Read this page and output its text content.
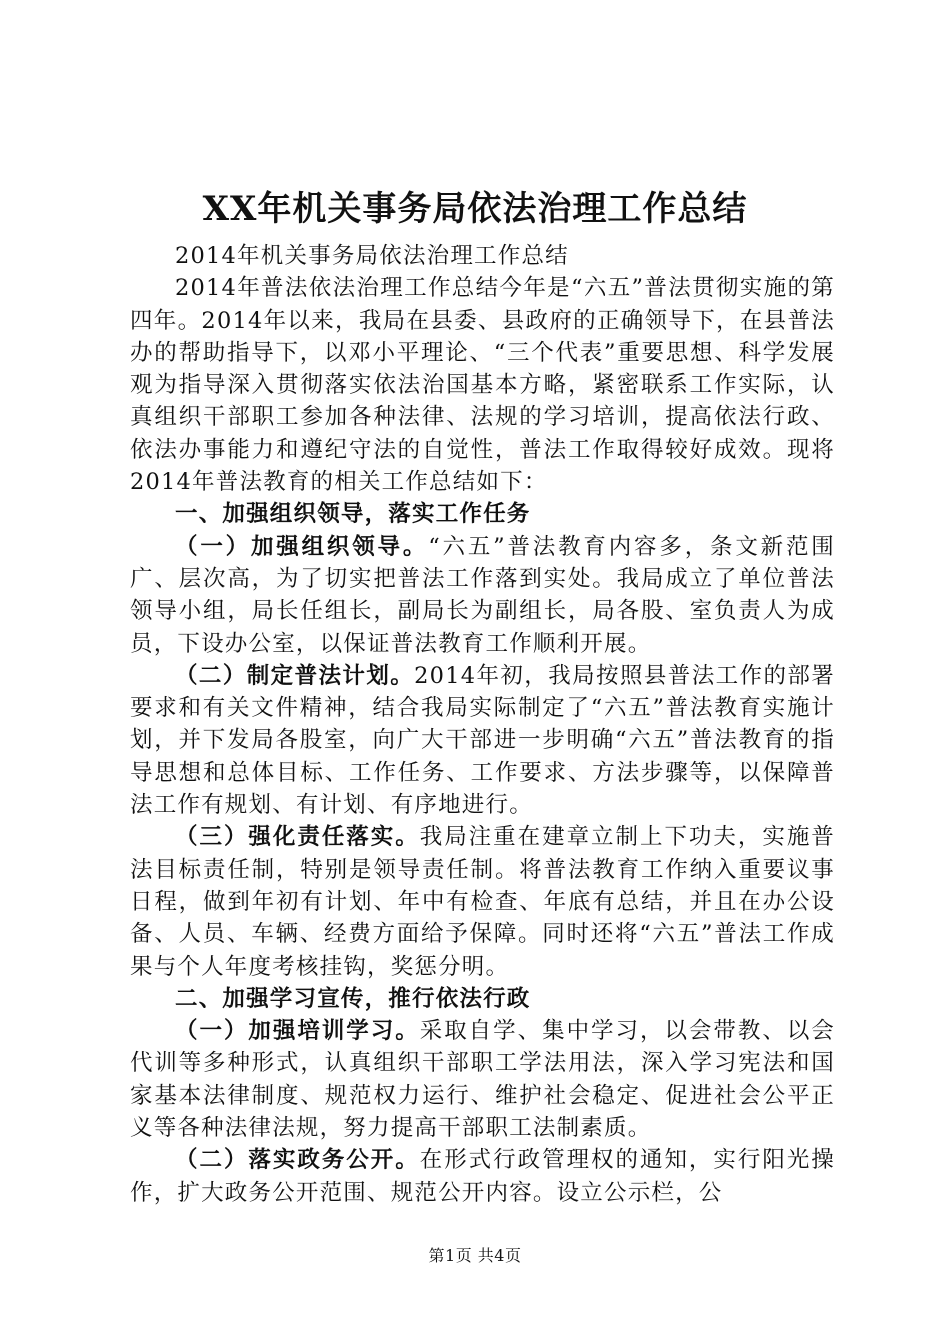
XX年机关事务局依法治理工作总结

2014年机关事务局依法治理工作总结

2014年普法依法治理工作总结今年是“六五”普法贯彻实施的第四年。2014年以来，我局在县委、县政府的正确领导下，在县普法办的帮助指导下，以邓小平理论、“三个代表”重要思想、科学发展观为指导深入贯彻落实依法治国基本方略，紧密联系工作实际，认真组织干部职工参加各种法律、法规的学习培训，提高依法行政、依法办事能力和遵纪守法的自觉性，普法工作取得较好成效。现将2014年普法教育的相关工作总结如下：

一、加强组织领导，落实工作任务

（一）加强组织领导。“六五”普法教育内容多，条文新范围广、层次高，为了切实把普法工作落到实处。我局成立了单位普法领导小组，局长任组长，副局长为副组长，局各股、室负责人为成员，下设办公室，以保证普法教育工作顺利开展。

（二）制定普法计划。2014年初，我局按照县普法工作的部署要求和有关文件精神，结合我局实际制定了“六五”普法教育实施计划，并下发局各股室，向广大干部进一步明确“六五”普法教育的指导思想和总体目标、工作任务、工作要求、方法步骤等，以保障普法工作有规划、有计划、有序地进行。

（三）强化责任落实。我局注重在建章立制上下功夫，实施普法目标责任制，特别是领导责任制。将普法教育工作纳入重要议事日程，做到年初有计划、年中有检查、年底有总结，并且在办公设备、人员、车辆、经费方面给予保障。同时还将“六五”普法工作成果与个人年度考核挂钩，奖惩分明。

二、加强学习宣传，推行依法行政

（一）加强培训学习。采取自学、集中学习，以会带教、以会代训等多种形式，认真组织干部职工学法用法，深入学习宪法和国家基本法律制度、规范权力运行、维护社会稳定、促进社会公平正义等各种法律法规，努力提高干部职工法制素质。

（二）落实政务公开。在形式行政管理权的通知，实行阳光操作，扩大政务公开范围、规范公开内容。设立公示栏，公

第1页 共4页
